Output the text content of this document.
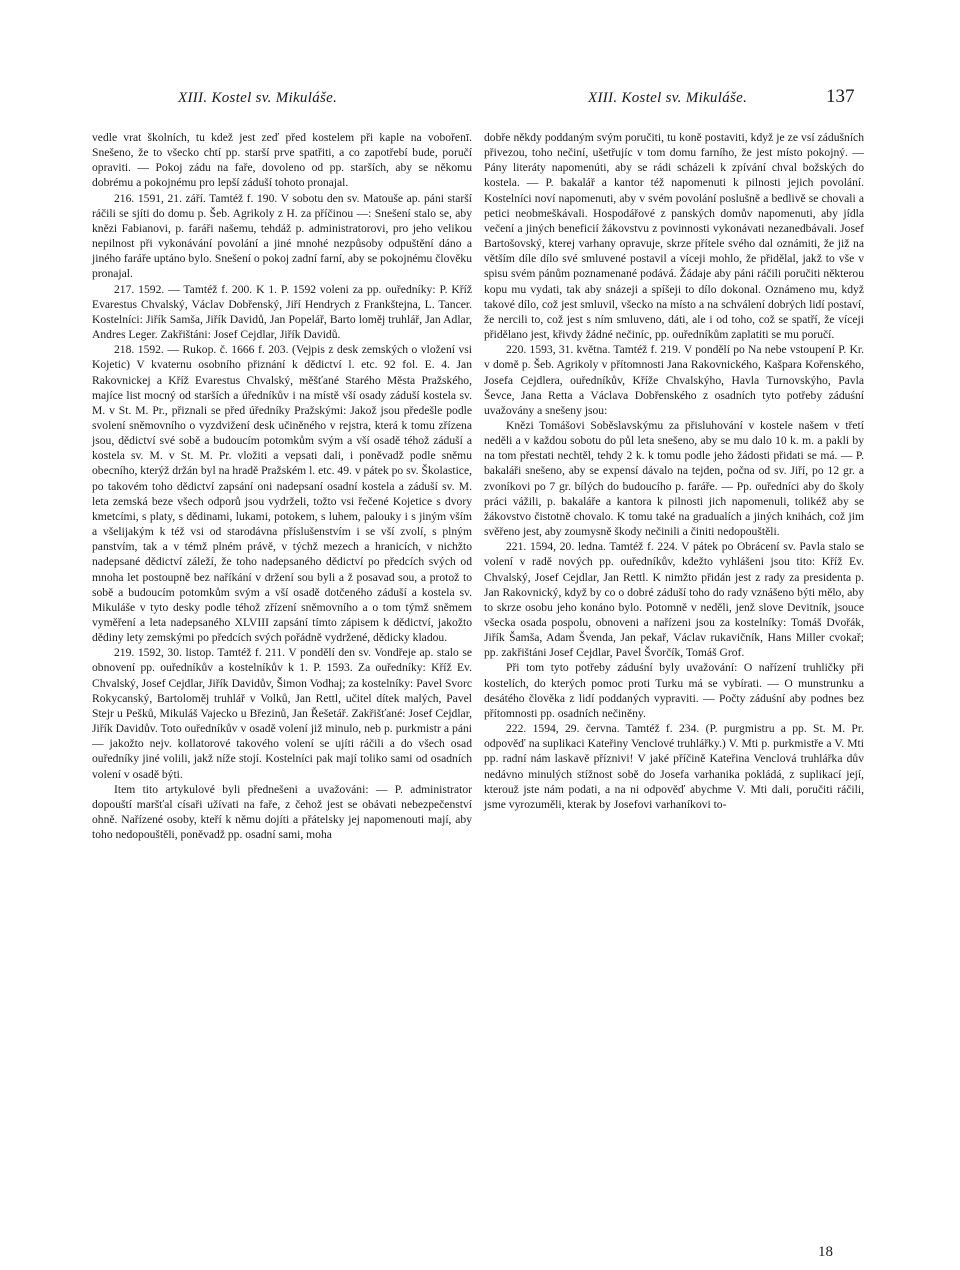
XIII. Kostel sv. Mikuláše.	XIII. Kostel sv. Mikuláše.	137

vedle vrat školních, tu kdež jest zeď před kostelem při kaple na vobořenī. Snešeno, že to všecko chtí pp. starší prve spatřiti, a co zapotřebí bude, poručí opraviti. — Pokoj zádu na faře, dovoleno od pp. starších, aby se někomu dobrému a pokojnému pro lepší záduší tohoto pronajal.

216. 1591, 21. září. Tamtéž f. 190. V sobotu den sv. Matouše ap. páni starší ráčili se sjíti do domu p. Šeb. Agrikoly z H. za příčinou —: Snešení stalo se, aby knězi Fabianovi, p. faráři našemu, tehdáž p. administratorovi, pro jeho velikou nepilnost při vykonávání povolání a jiné mnohé nezpůsoby odpuštění dáno a jiného faráře uptáno bylo. Snešení o pokoj zadní farní, aby se pokojnému člověku pronajal.

217. 1592. — Tamtéž f. 200. K 1. P. 1592 voleni za pp. ouředníky: P. Kříž Evarestus Chvalský, Václav Dobřenský, Jiří Hendrych z Frankštejna, L. Tancer. Kostelníci: Jiřík Samša, Jiřík Davidů, Jan Popelář, Barto loměj truhlář, Jan Adlar, Andres Leger. Zakřištáni: Josef Cejdlar, Jiřík Davidů.

218. 1592. — Rukop. č. 1666 f. 203. (Vejpis z desk zemských o vložení vsi Kojetic) V kvaternu osobního přiznání k dědictví l. etc. 92 fol. E. 4. Jan Rakovnickej a Kříž Evarestus Chvalský, měšťané Starého Města Pražského, majíce list mocný od starších a úředníkův i na místě vší osady záduší kostela sv. M. v St. M. Pr., přiznali se před úředníky Pražskými: Jakož jsou předešle podle svolení sněmovního o vyzdvižení desk učiněného v rejstra, která k tomu zřízena jsou, dědictví své sobě a budoucím potomkům svým a vší osadě téhož záduší a kostela sv. M. v St. M. Pr. vložiti a vepsati dali, i poněvadž podle sněmu obecního, kterýž držán byl na hradě Pražském l. etc. 49. v pátek po sv. Školastice, po takovém toho dědictví zapsání oni nadepsaní osadní kostela a záduší sv. M. leta zemská beze všech odporů jsou vydrželi, tožto vsi řečené Kojetice s dvory kmetcími, s platy, s dědinami, lukami, potokem, s luhem, palouky i s jiným vším a všelijakým k též vsi od starodávna příslušenstvím i se vší zvolí, s plným panstvím, tak a v témž plném právě, v týchž mezech a hranicích, v nichžto nadepsané dědictví záleží, že toho nadepsaného dědictví po předcích svých od mnoha let postoupně bez naříkání v držení sou byli a ž posavad sou, a protož to sobě a budoucím potomkům svým a vší osadě dotčeného záduší a kostela sv. Mikuláše v tyto desky podle téhož zřízení sněmovního a o tom týmž sněmem vyměření a leta nadepsaného XLVIII zapsání tímto zápisem k dědictví, jakožto dědiny lety zemskými po předcích svých pořádně vydržené, dědicky kladou.

219. 1592, 30. listop. Tamtéž f. 211. V pondělí den sv. Vondřeje ap. stalo se obnovení pp. ouředníkův a kostelníkův k 1. P. 1593. Za ouředníky: Kříž Ev. Chvalský, Josef Cejdlar, Jiřík Davidův, Šimon Vodhaj; za kostelníky: Pavel Svorc Rokycanský, Bartoloměj truhlář v Volků, Jan Rettl, učitel dítek malých, Pavel Stejr u Pešků, Mikuláš Vajecko u Březinů, Jan Řešetář. Zakřišťané: Josef Cejdlar, Jiřík Davidův. Toto ouředníkův v osadě volení již minulo, neb p. purkmistr a páni — jakožto nejv. kollatorové takového volení se ujíti ráčili a do všech osad ouředníky jiné volili, jakž níže stojí. Kostelníci pak mají toliko sami od osadních volení v osadě býti.

Item tito artykulové byli přednešeni a uvažováni: — P. administrator dopouští maršťal císaři užívati na faře, z čehož jest se obávati nebezpečenství ohně. Nařízené osoby, kteří k němu dojíti a přátelsky jej napomenouti mají, aby toho nedopouštěli, poněvadž pp. osadní sami, moha

dobře někdy poddaným svým poručiti, tu koně postaviti, když je ze vsí zádušních přivezou, toho nečiní, ušetřujíc v tom domu farního, že jest místo pokojný. — Pány literáty napomenúti, aby se rádi scházeli k zpívání chval božských do kostela. — P. bakalář a kantor též napomenuti k pilnosti jejich povolání. Kostelníci noví napomenuti, aby v svém povolání poslušně a bedlivě se chovali a petici neobmeškávali. Hospodářové z panských domův napomenuti, aby jídla večení a jiných beneficií žákovstvu z povinnosti vykonávati nezanedbávali. Josef Bartošovský, kterej varhany opravuje, skrze přítele svého dal oznámiti, že již na větším díle dílo své smluvené postavil a víceji mohlo, že přidělal, jakž to vše v spisu svém pánům poznamenané podává. Žádaje aby páni ráčili poručiti některou kopu mu vydati, tak aby snázeji a spíšeji to dílo dokonal. Oznámeno mu, když takové dílo, což jest smluvil, všecko na místo a na schválení dobrých lidí postaví, že nercili to, což jest s ním smluveno, dáti, ale i od toho, což se spatří, že víceji přidělano jest, křivdy žádné nečiníc, pp. ouředníkům zaplatiti se mu poručí.

220. 1593, 31. května. Tamtéž f. 219. V pondělí po Na nebe vstoupení P. Kr. v domě p. Šeb. Agrikoly v přítomnosti Jana Rakovnického, Kašpara Kořenského, Josefa Cejdlera, ouředníkův, Kříže Chvalskýho, Havla Turnovskýho, Pavla Ševce, Jana Retta a Václava Dobřenského z osadních tyto potřeby záduśní uvažovány a snešeny jsou:

Knězi Tomášovi Soběslavskýmu za přisluhování v kostele našem v třetí neděli a v každou sobotu do půl leta snešeno, aby se mu dalo 10 k. m. a pakli by na tom přestati nechtěl, tehdy 2 k. k tomu podle jeho žádosti přidati se má. — P. bakaláři snešeno, aby se expensí dávalo na tejden, počna od sv. Jiří, po 12 gr. a zvoníkovi po 7 gr. bílých do budoucího p. faráře. — Pp. ouředníci aby do školy práci vážili, p. bakaláře a kantora k pilnosti jich napomenuli, tolikéž aby se žákovstvo čistotně chovalo. K tomu také na gradualích a jiných knihách, což jim svěřeno jest, aby zoumysně škody nečinili a činiti nedopouštěli.

221. 1594, 20. ledna. Tamtéž f. 224. V pátek po Obrácení sv. Pavla stalo se volení v radě nových pp. ouředníkův, kdežto vyhlášeni jsou tito: Kříž Ev. Chvalský, Josef Cejdlar, Jan Rettl. K nimžto přidán jest z rady za presidenta p. Jan Rakovnický, když by co o dobré záduší toho do rady vznášeno býti mělo, aby to skrze osobu jeho konáno bylo. Potomně v neděli, jenž slove Devitník, jsouce všecka osada pospolu, obnoveni a nařízeni jsou za kostelníky: Tomáš Dvořák, Jiřík Šamša, Adam Švenda, Jan pekař, Václav rukavičník, Hans Miller cvokař; pp. zakřištáni Josef Cejdlar, Pavel Švorčík, Tomáš Grof.

Při tom tyto potřeby záduśní byly uvažování: O nařízení truhličky při kostelích, do kterých pomoc proti Turku má se vybírati. — O munstrunku a desátého člověka z lidí poddaných vypraviti. — Počty záduśní aby podnes bez přítomnosti pp. osadních nečiněny.

222. 1594, 29. června. Tamtéž f. 234. (P. purgmistru a pp. St. M. Pr. odpověď na suplikaci Kateřiny Venclové truhlářky.) V. Mti p. purkmistře a V. Mti pp. radní nám laskavě příznivi! V jaké příčině Kateřina Venclová truhlářka dův nedávno minulých stížnost sobě do Josefa varhanika pokládá, z suplikací její, kterouž jste nám podati, a na ni odpověď abychme V. Mti dali, poručiti ráčili, jsme vyrozuměli, kterak by Josefovi varhaníkovi to-

18
